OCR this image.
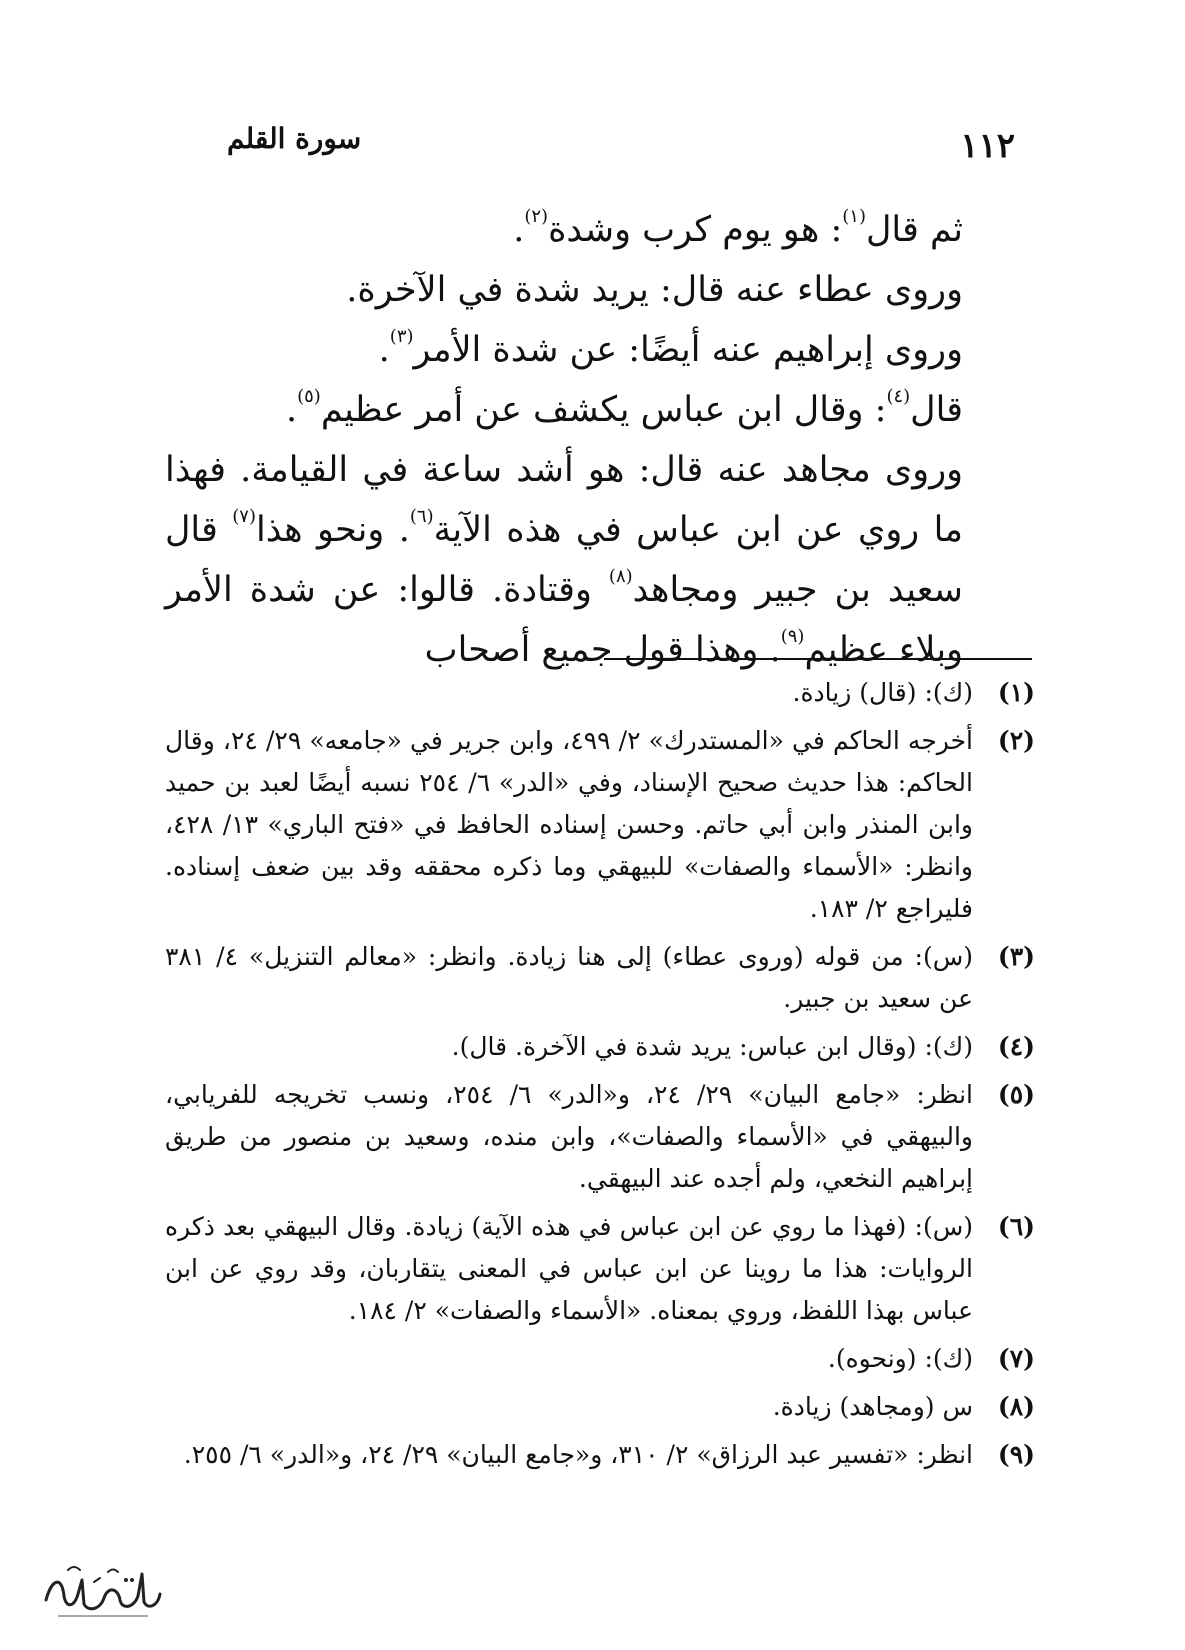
سورة القلم	١١٢

ثم قال$^{(١)}$: هو يوم كرب وشدة$^{(٢)}$.

وروى عطاء عنه قال: يريد شدة في الآخرة.

وروى إبراهيم عنه أيضًا: عن شدة الأمر$^{(٣)}$.

قال$^{(٤)}$: وقال ابن عباس يكشف عن أمر عظيم$^{(٥)}$.

وروى مجاهد عنه قال: هو أشد ساعة في القيامة. فهذا ما روي عن ابن عباس في هذه الآية$^{(٦)}$. ونحو هذا$^{(٧)}$ قال سعيد بن جبير ومجاهد$^{(٨)}$ وقتادة. قالوا: عن شدة الأمر وبلاء عظيم$^{(٩)}$. وهذا قول جميع أصحاب

(١)
(ك): (قال) زيادة.
(٢)
أخرجه الحاكم في «المستدرك» ٢/ ٤٩٩، وابن جرير في «جامعه» ٢٩/ ٢٤، وقال الحاكم: هذا حديث صحيح الإسناد، وفي «الدر» ٦/ ٢٥٤ نسبه أيضًا لعبد بن حميد وابن المنذر وابن أبي حاتم. وحسن إسناده الحافظ في «فتح الباري» ١٣/ ٤٢٨، وانظر: «الأسماء والصفات» للبيهقي وما ذكره محققه وقد بين ضعف إسناده. فليراجع ٢/ ١٨٣.
(٣)
(س): من قوله (وروى عطاء) إلى هنا زيادة. وانظر: «معالم التنزيل» ٤/ ٣٨١ عن سعيد بن جبير.
(٤)
(ك): (وقال ابن عباس: يريد شدة في الآخرة. قال).
(٥)
انظر: «جامع البيان» ٢٩/ ٢٤، و«الدر» ٦/ ٢٥٤، ونسب تخريجه للفريابي، والبيهقي في «الأسماء والصفات»، وابن منده، وسعيد بن منصور من طريق إبراهيم النخعي، ولم أجده عند البيهقي.
(٦)
(س): (فهذا ما روي عن ابن عباس في هذه الآية) زيادة. وقال البيهقي بعد ذكره الروايات: هذا ما روينا عن ابن عباس في المعنى يتقاربان، وقد روي عن ابن عباس بهذا اللفظ، وروي بمعناه. «الأسماء والصفات» ٢/ ١٨٤.
(٧)
(ك): (ونحوه).
(٨)
س (ومجاهد) زيادة.
(٩)
انظر: «تفسير عبد الرزاق» ٢/ ٣١٠، و«جامع البيان» ٢٩/ ٢٤، و«الدر» ٦/ ٢٥٥.
